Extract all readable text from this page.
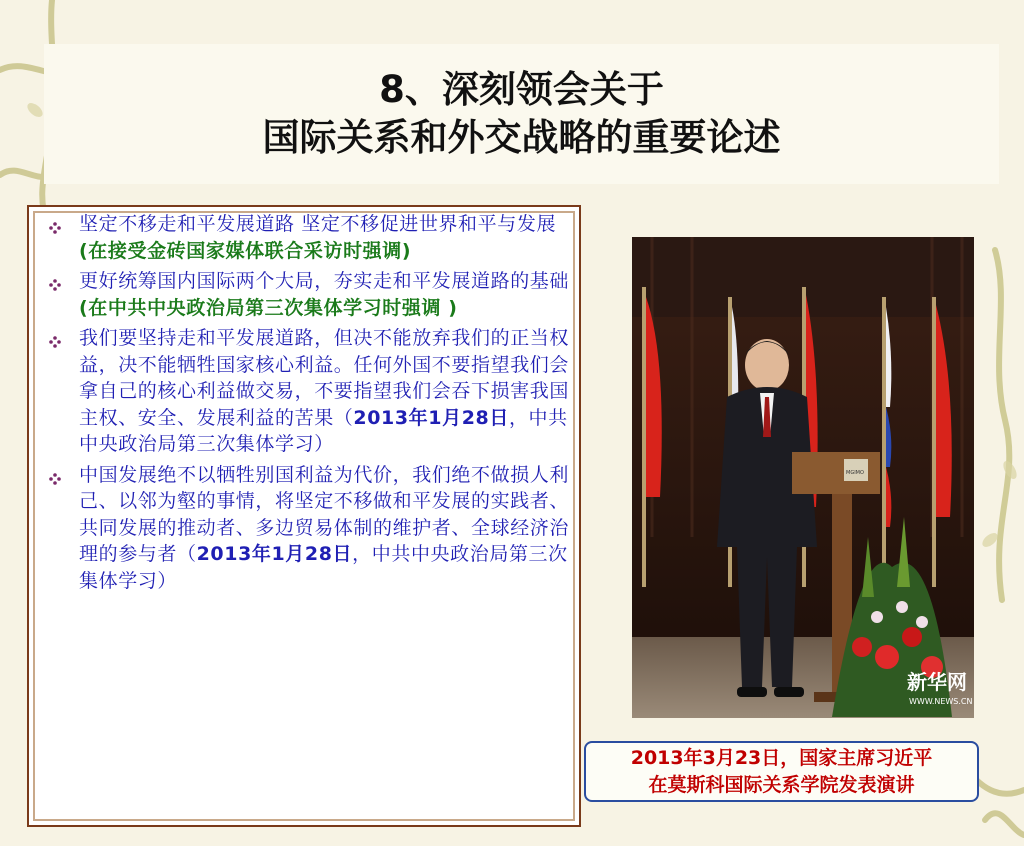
8、深刻领会关于
国际关系和外交战略的重要论述
坚定不移走和平发展道路 坚定不移促进世界和平与发展(在接受金砖国家媒体联合采访时强调)
更好统筹国内国际两个大局，夯实走和平发展道路的基础(在中共中央政治局第三次集体学习时强调 )
我们要坚持走和平发展道路，但决不能放弃我们的正当权益，决不能牺牲国家核心利益。任何外国不要指望我们会拿自己的核心利益做交易，不要指望我们会吞下损害我国主权、安全、发展利益的苦果（2013年1月28日，中共中央政治局第三次集体学习）
中国发展绝不以牺牲别国利益为代价，我们绝不做损人利己、以邻为壑的事情，将坚定不移做和平发展的实践者、共同发展的推动者、多边贸易体制的维护者、全球经济治理的参与者（2013年1月28日，中共中央政治局第三次集体学习）
新华网
WWW.NEWS.CN
MGIMO
2013年3月23日，国家主席习近平
在莫斯科国际关系学院发表演讲
